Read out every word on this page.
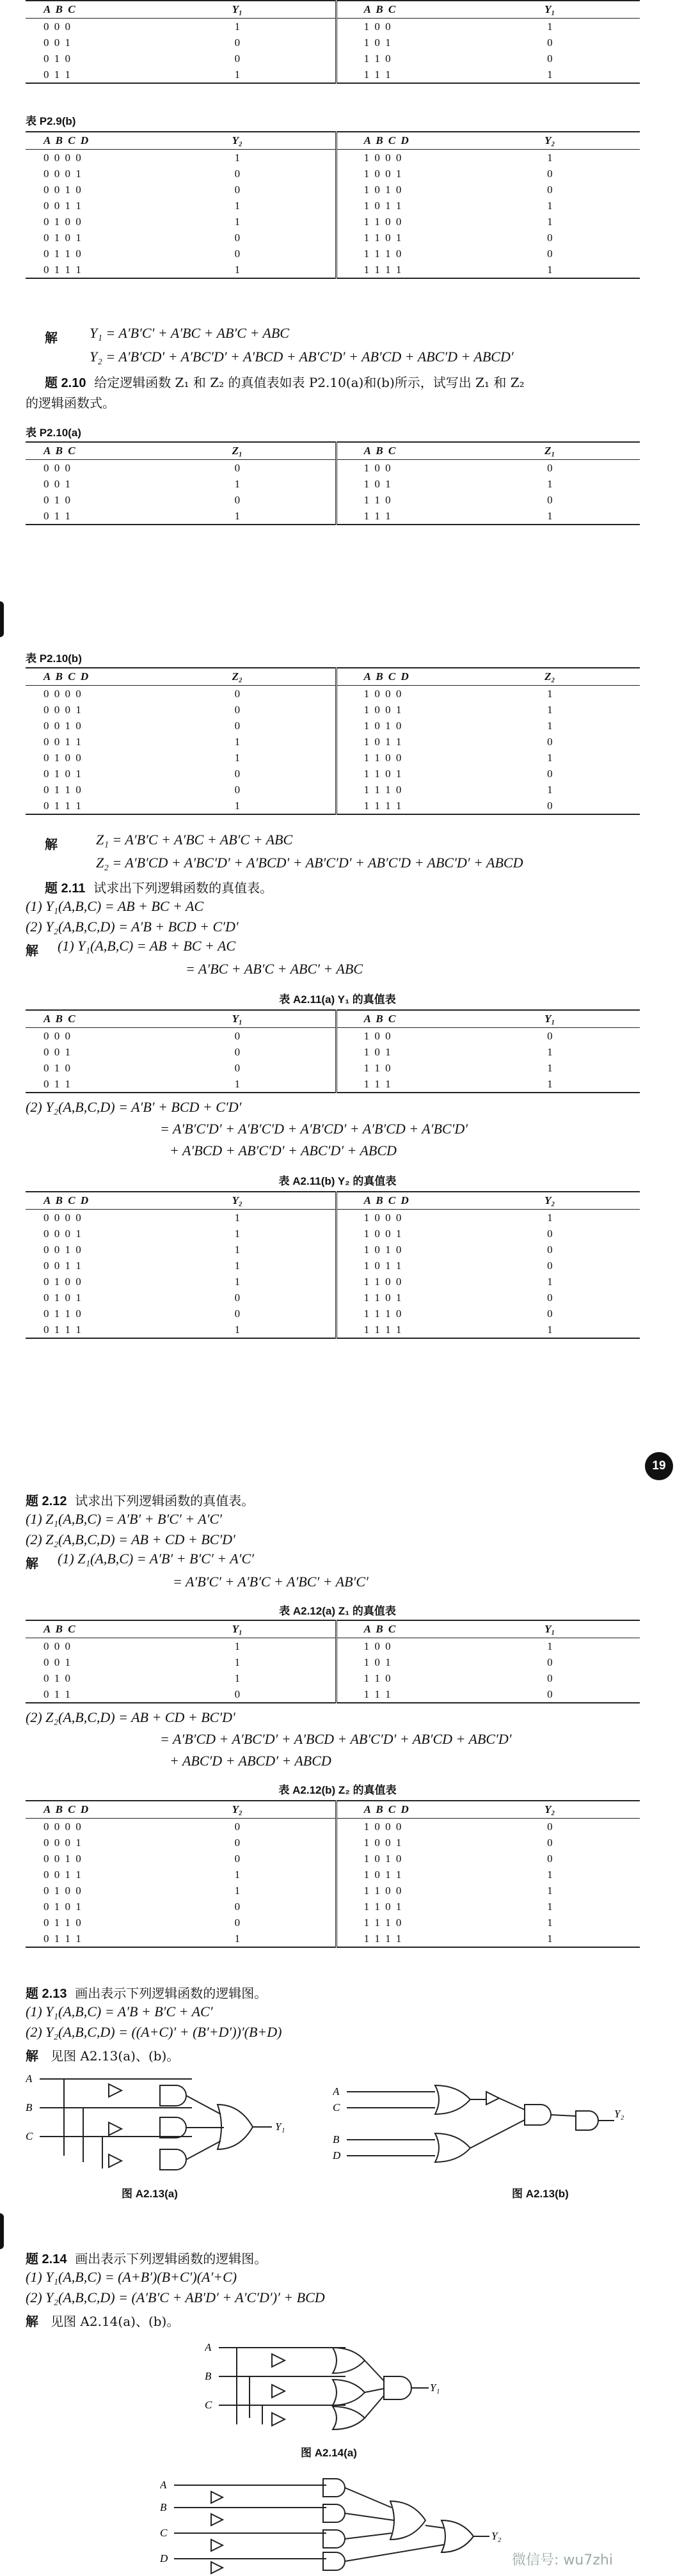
A B C	Y₁	A B C	Y₁
0 0 0	1	1 0 0	1
0 0 1	0	1 0 1	0
0 1 0	0	1 1 0	0
0 1 1	1	1 1 1	1
表 P2.9(b)
A B C D	Y₂	A B C D	Y₂
0 0 0 0	1	1 0 0 0	1
0 0 0 1	0	1 0 0 1	0
0 0 1 0	0	1 0 1 0	0
0 0 1 1	1	1 0 1 1	1
0 1 0 0	1	1 1 0 0	1
0 1 0 1	0	1 1 0 1	0
0 1 1 0	0	1 1 1 0	0
0 1 1 1	1	1 1 1 1	1
解 Y₁ = A′B′C′ + A′BC + AB′C + ABC
Y₂ = A′B′CD′ + A′BC′D′ + A′BCD + AB′C′D′ + AB′CD + ABC′D + ABCD′
题 2.10 给定逻辑函数 Z₁ 和 Z₂ 的真值表如表 P2.10(a)和(b)所示，试写出 Z₁ 和 Z₂
的逻辑函数式。
表 P2.10(a)
A B C	Z₁	A B C	Z₁
0 0 0	0	1 0 0	0
0 0 1	1	1 0 1	1
0 1 0	0	1 1 0	0
0 1 1	1	1 1 1	1
表 P2.10(b)
A B C D	Z₂	A B C D	Z₂
0 0 0 0	0	1 0 0 0	1
0 0 0 1	0	1 0 0 1	1
0 0 1 0	0	1 0 1 0	1
0 0 1 1	1	1 0 1 1	0
0 1 0 0	1	1 1 0 0	1
0 1 0 1	0	1 1 0 1	0
0 1 1 0	0	1 1 1 0	1
0 1 1 1	1	1 1 1 1	0
解	Z₁ = A′B′C + A′BC + AB′C + ABC
Z₂ = A′B′CD + A′BC′D′ + A′BCD′ + AB′C′D′ + AB′C′D + ABC′D′ + ABCD
题 2.11 试求出下列逻辑函数的真值表。
(1) Y₁(A,B,C) = AB + BC + AC
(2) Y₂(A,B,C,D) = A′B + BCD + C′D′
解 (1) Y₁(A,B,C) = AB + BC + AC
= A′BC + AB′C + ABC′ + ABC
表 A2.11(a) Y₁ 的真值表
A B C	Y₁	A B C	Y₁
0 0 0	0	1 0 0	0
0 0 1	0	1 0 1	1
0 1 0	0	1 1 0	1
0 1 1	1	1 1 1	1
(2) Y₂(A,B,C,D) = A′B′ + BCD + C′D′
= A′B′C′D′ + A′B′C′D + A′B′CD′ + A′B′CD + A′BC′D′
+ A′BCD + AB′C′D′ + ABC′D′ + ABCD
表 A2.11(b) Y₂ 的真值表
A B C D	Y₂	A B C D	Y₂
0 0 0 0	1	1 0 0 0	1
0 0 0 1	1	1 0 0 1	0
0 0 1 0	1	1 0 1 0	0
0 0 1 1	1	1 0 1 1	0
0 1 0 0	1	1 1 0 0	1
0 1 0 1	0	1 1 0 1	0
0 1 1 0	0	1 1 1 0	0
0 1 1 1	1	1 1 1 1	1
19
题 2.12 试求出下列逻辑函数的真值表。
(1) Z₁(A,B,C) = A′B′ + B′C′ + A′C′
(2) Z₂(A,B,C,D) = AB + CD + BC′D′
解 (1) Z₁(A,B,C) = A′B′ + B′C′ + A′C′
= A′B′C′ + A′B′C + A′BC′ + AB′C′
表 A2.12(a) Z₁ 的真值表
A B C	Y₁	A B C	Y₁
0 0 0	1	1 0 0	1
0 0 1	1	1 0 1	0
0 1 0	1	1 1 0	0
0 1 1	0	1 1 1	0
(2) Z₂(A,B,C,D) = AB + CD + BC′D′
= A′B′CD + A′BC′D′ + A′BCD + AB′C′D′ + AB′CD + ABC′D′
+ ABC′D + ABCD′ + ABCD
表 A2.12(b) Z₂ 的真值表
A B C D	Y₂	A B C D	Y₂
0 0 0 0	0	1 0 0 0	0
0 0 0 1	0	1 0 0 1	0
0 0 1 0	0	1 0 1 0	0
0 0 1 1	1	1 0 1 1	1
0 1 0 0	1	1 1 0 0	1
0 1 0 1	0	1 1 0 1	1
0 1 1 0	0	1 1 1 0	1
0 1 1 1	1	1 1 1 1	1
题 2.13 画出表示下列逻辑函数的逻辑图。
(1) Y₁(A,B,C) = A′B + B′C + AC′
(2) Y₂(A,B,C,D) = ((A+C)′ + (B′+D′))′(B+D)
解 见图 A2.13(a)、(b)。
A
B
C
Y₁
图 A2.13(a)
A
C
B
D
Y₂
图 A2.13(b)
题 2.14 画出表示下列逻辑函数的逻辑图。
(1) Y₁(A,B,C) = (A+B′)(B+C′)(A′+C)
(2) Y₂(A,B,C,D) = (A′B′C + AB′D′ + A′C′D′)′ + BCD
解 见图 A2.14(a)、(b)。
A
B
C
Y₁
图 A2.14(a)
A
B
C
D
Y₂
微信号: wu7zhi
